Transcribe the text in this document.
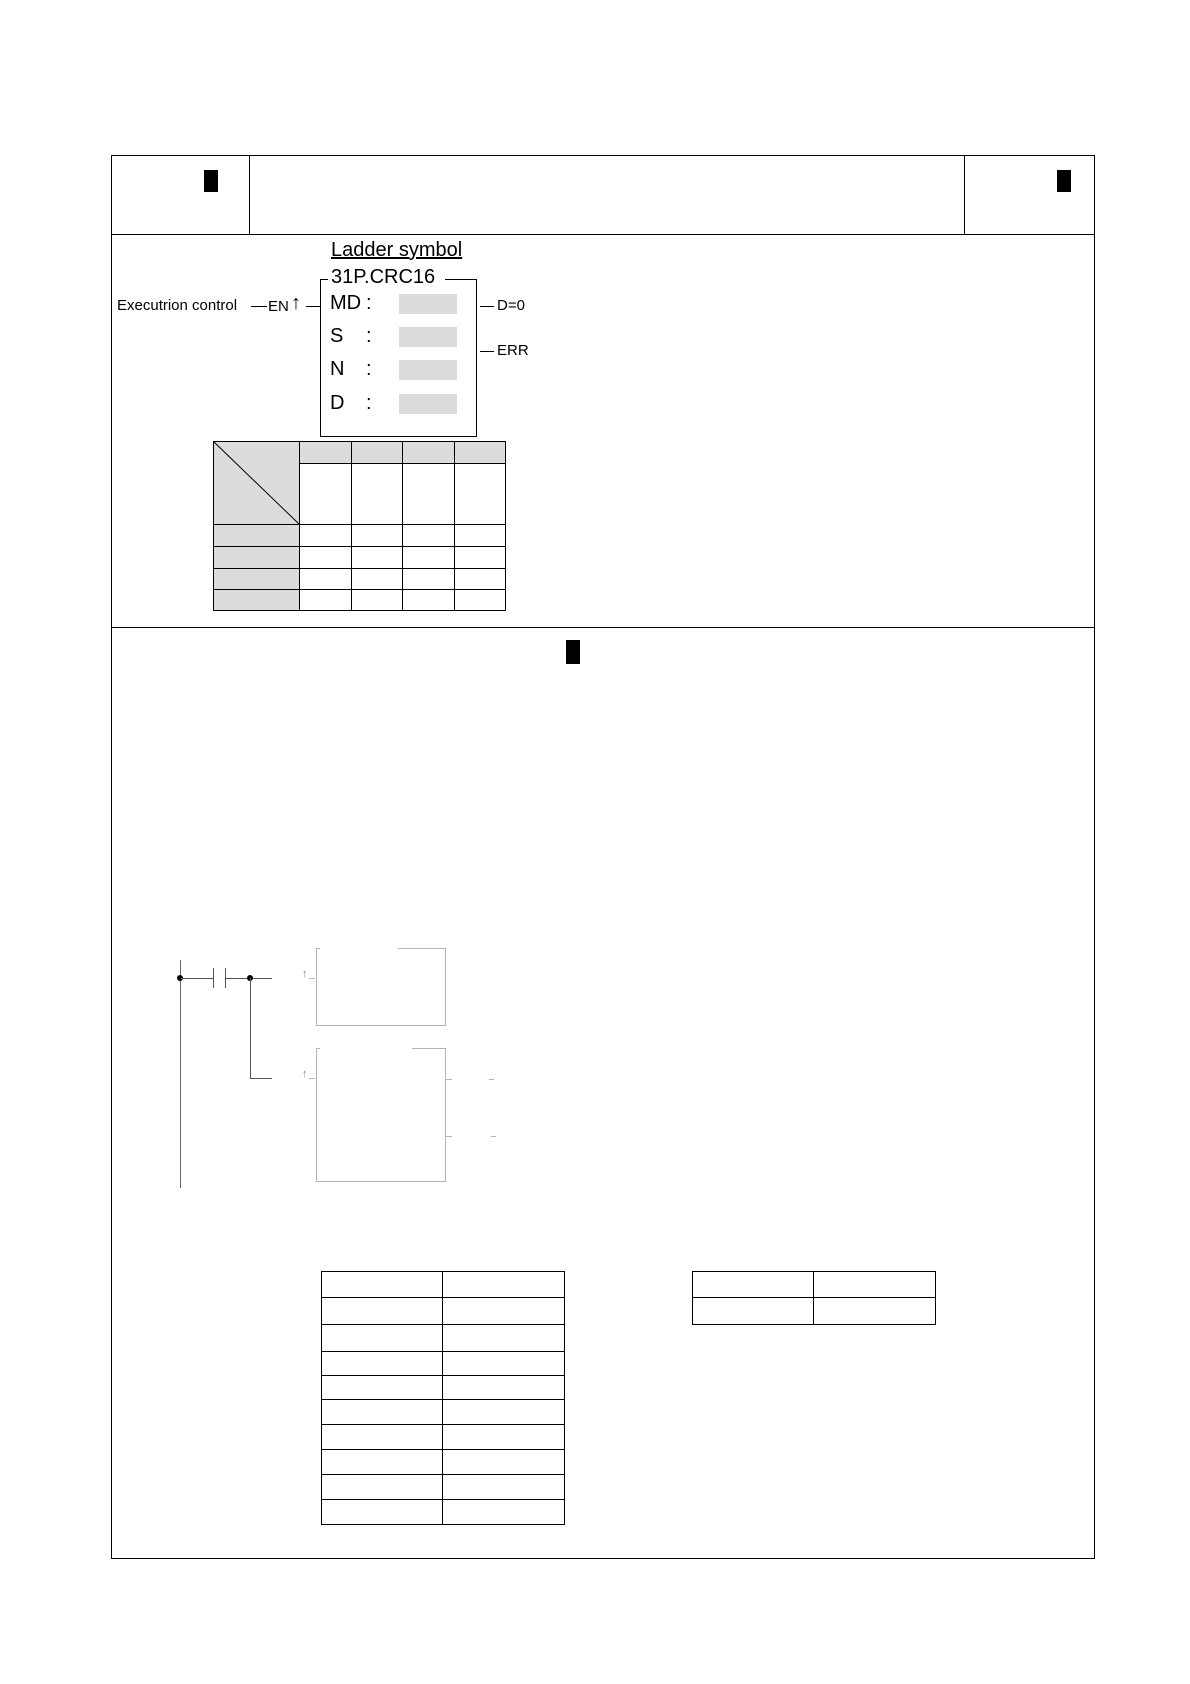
Ladder symbol
31P.CRC16
Executrion control EN ↑ MD :
S :
N :
D :
D=0
ERR
↑
↑
